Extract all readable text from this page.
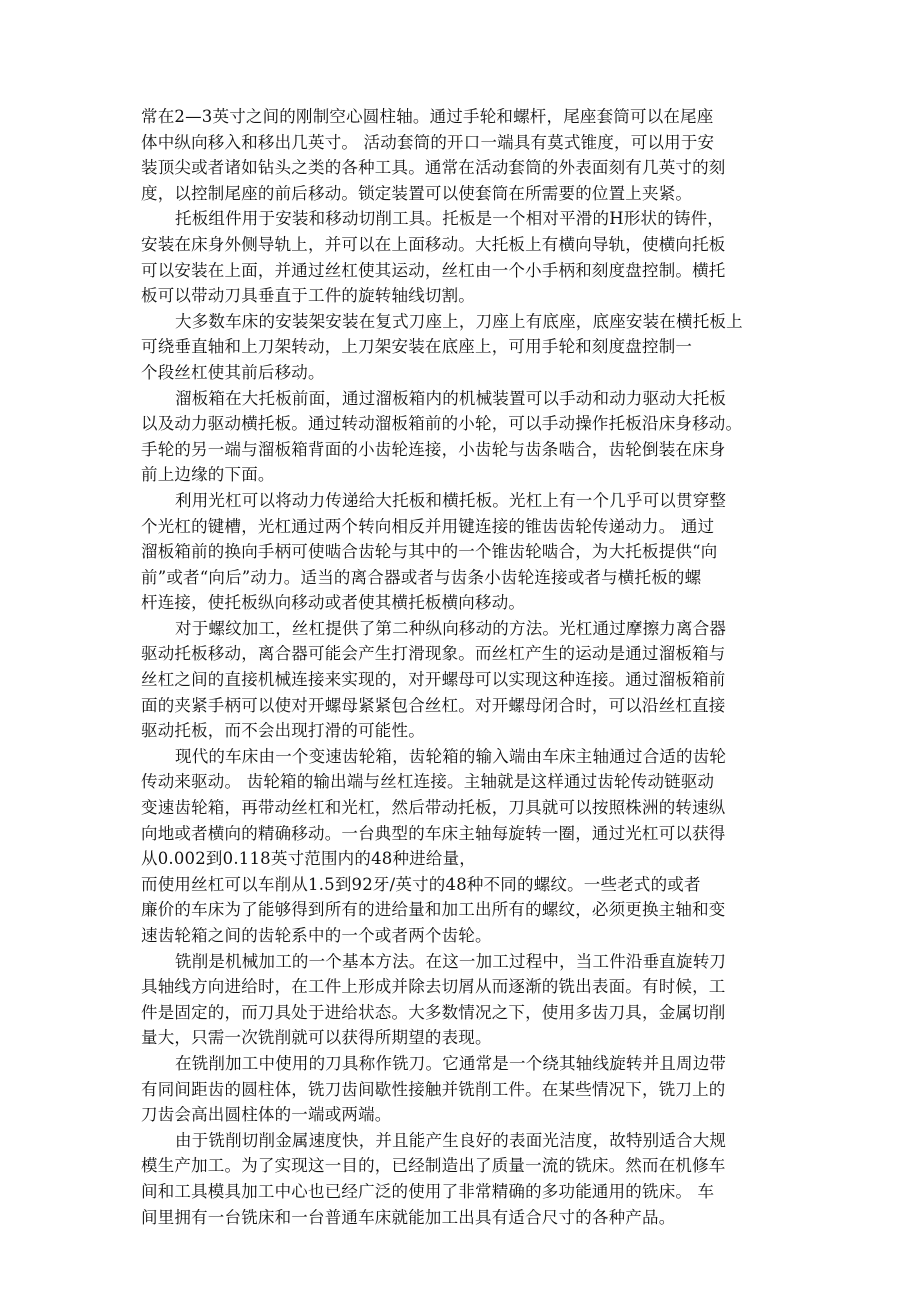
常在2—3英寸之间的刚制空心圆柱轴。通过手轮和螺杆，尾座套筒可以在尾座
体中纵向移入和移出几英寸。 活动套筒的开口一端具有莫式锥度，可以用于安
装顶尖或者诸如钻头之类的各种工具。通常在活动套筒的外表面刻有几英寸的刻
度，以控制尾座的前后移动。锁定装置可以使套筒在所需要的位置上夹紧。

托板组件用于安装和移动切削工具。托板是一个相对平滑的H形状的铸件，
安装在床身外侧导轨上，并可以在上面移动。大托板上有横向导轨，使横向托板
可以安装在上面，并通过丝杠使其运动，丝杠由一个小手柄和刻度盘控制。横托
板可以带动刀具垂直于工件的旋转轴线切割。

大多数车床的安装架安装在复式刀座上，刀座上有底座，底座安装在横托板上
可绕垂直轴和上刀架转动，上刀架安装在底座上，可用手轮和刻度盘控制一
个段丝杠使其前后移动。

溜板箱在大托板前面，通过溜板箱内的机械装置可以手动和动力驱动大托板
以及动力驱动横托板。通过转动溜板箱前的小轮，可以手动操作托板沿床身移动。
手轮的另一端与溜板箱背面的小齿轮连接，小齿轮与齿条啮合，齿轮倒装在床身
前上边缘的下面。

利用光杠可以将动力传递给大托板和横托板。光杠上有一个几乎可以贯穿整
个光杠的键槽，光杠通过两个转向相反并用键连接的锥齿齿轮传递动力。 通过
溜板箱前的换向手柄可使啮合齿轮与其中的一个锥齿轮啮合，为大托板提供“向
前”或者“向后”动力。适当的离合器或者与齿条小齿轮连接或者与横托板的螺
杆连接，使托板纵向移动或者使其横托板横向移动。

对于螺纹加工，丝杠提供了第二种纵向移动的方法。光杠通过摩擦力离合器
驱动托板移动，离合器可能会产生打滑现象。而丝杠产生的运动是通过溜板箱与
丝杠之间的直接机械连接来实现的，对开螺母可以实现这种连接。通过溜板箱前
面的夹紧手柄可以使对开螺母紧紧包合丝杠。对开螺母闭合时，可以沿丝杠直接
驱动托板，而不会出现打滑的可能性。

现代的车床由一个变速齿轮箱，齿轮箱的输入端由车床主轴通过合适的齿轮
传动来驱动。 齿轮箱的输出端与丝杠连接。主轴就是这样通过齿轮传动链驱动
变速齿轮箱，再带动丝杠和光杠，然后带动托板，刀具就可以按照株洲的转速纵
向地或者横向的精确移动。一台典型的车床主轴每旋转一圈，通过光杠可以获得
从0.002到0.118英寸范围内的48种进给量，
而使用丝杠可以车削从1.5到92牙/英寸的48种不同的螺纹。一些老式的或者
廉价的车床为了能够得到所有的进给量和加工出所有的螺纹，必须更换主轴和变
速齿轮箱之间的齿轮系中的一个或者两个齿轮。

铣削是机械加工的一个基本方法。在这一加工过程中，当工件沿垂直旋转刀
具轴线方向进给时，在工件上形成并除去切屑从而逐渐的铣出表面。有时候，工
件是固定的，而刀具处于进给状态。大多数情况之下，使用多齿刀具，金属切削
量大，只需一次铣削就可以获得所期望的表现。

在铣削加工中使用的刀具称作铣刀。它通常是一个绕其轴线旋转并且周边带
有同间距齿的圆柱体，铣刀齿间歇性接触并铣削工件。在某些情况下，铣刀上的
刀齿会高出圆柱体的一端或两端。

由于铣削切削金属速度快，并且能产生良好的表面光洁度，故特别适合大规
模生产加工。为了实现这一目的，已经制造出了质量一流的铣床。然而在机修车
间和工具模具加工中心也已经广泛的使用了非常精确的多功能通用的铣床。 车
间里拥有一台铣床和一台普通车床就能加工出具有适合尺寸的各种产品。
